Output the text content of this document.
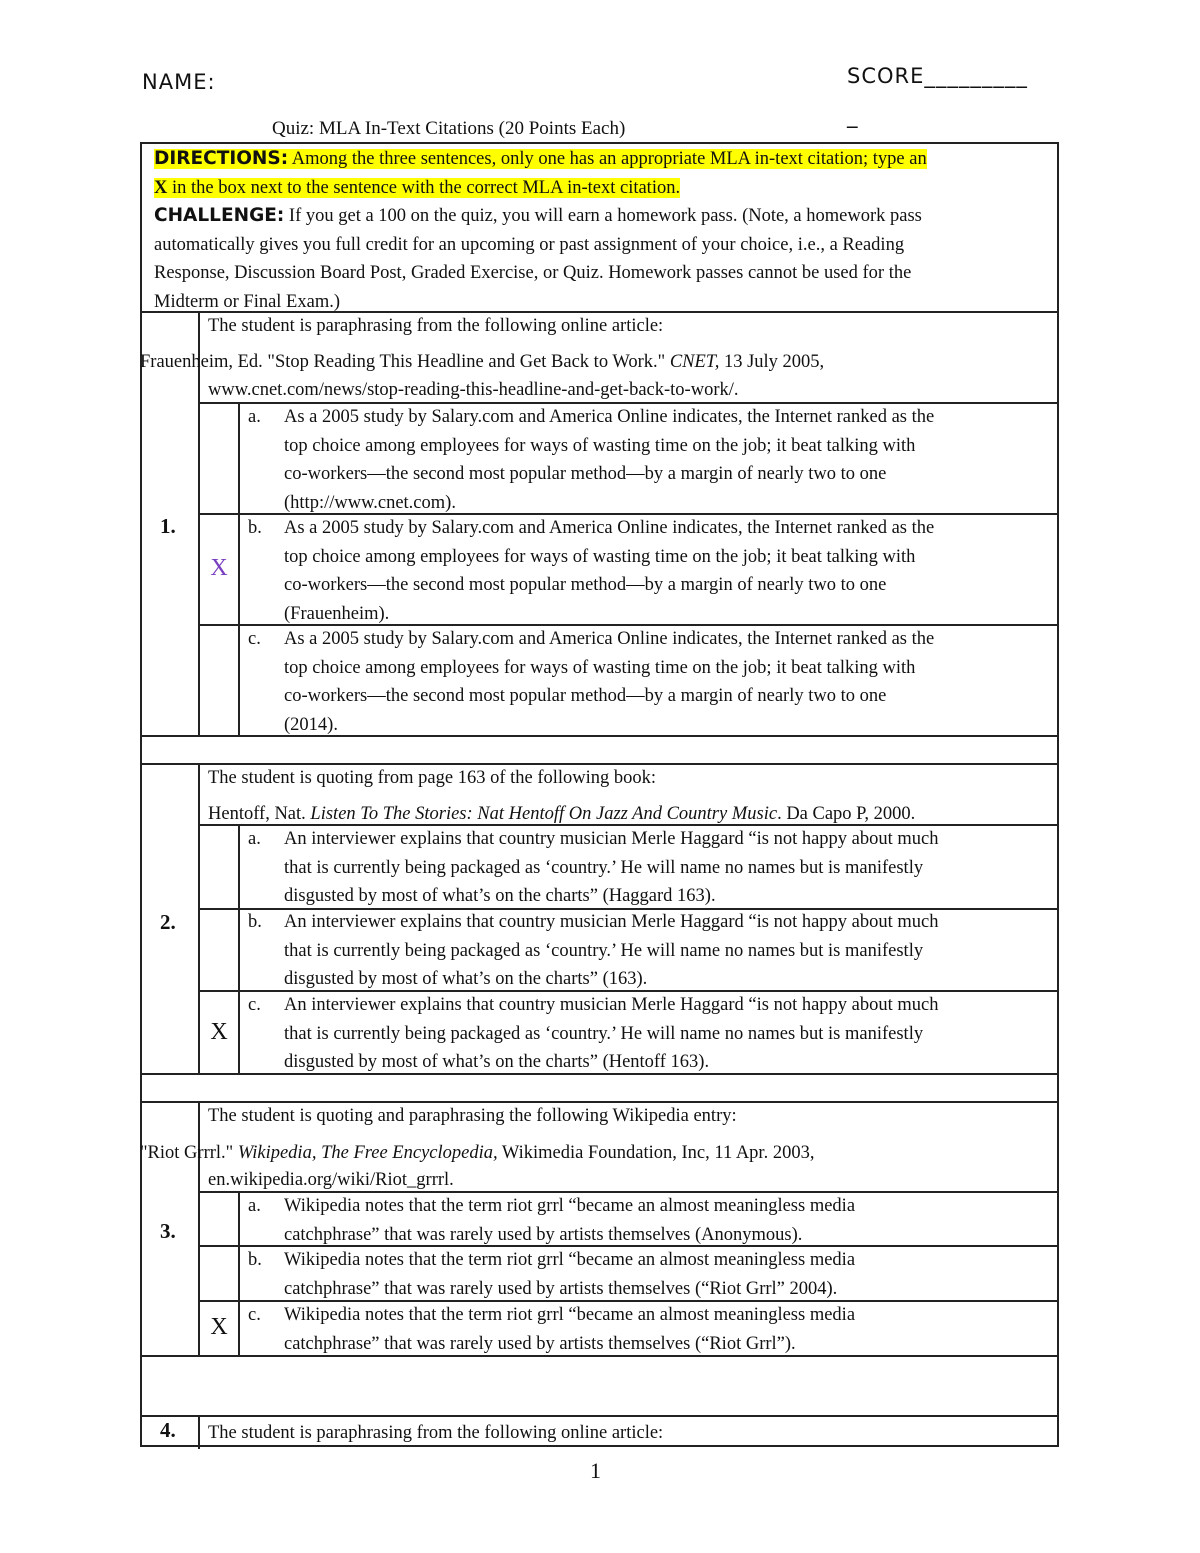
NAME:	SCORE_________
_
Quiz: MLA In-Text Citations (20 Points Each)
DIRECTIONS: Among the three sentences, only one has an appropriate MLA in-text citation; type an
X in the box next to the sentence with the correct MLA in-text citation.
CHALLENGE: If you get a 100 on the quiz, you will earn a homework pass. (Note, a homework pass
automatically gives you full credit for an upcoming or past assignment of your choice, i.e., a Reading
Response, Discussion Board Post, Graded Exercise, or Quiz. Homework passes cannot be used for the
Midterm or Final Exam.)
1.
The student is paraphrasing from the following online article:
Frauenheim, Ed. "Stop Reading This Headline and Get Back to Work." CNET, 13 July 2005,
www.cnet.com/news/stop-reading-this-headline-and-get-back-to-work/.
a. As a 2005 study by Salary.com and America Online indicates, the Internet ranked as the
top choice among employees for ways of wasting time on the job; it beat talking with
co-workers—the second most popular method—by a margin of nearly two to one
(http://www.cnet.com).
b. As a 2005 study by Salary.com and America Online indicates, the Internet ranked as the
top choice among employees for ways of wasting time on the job; it beat talking with
co-workers—the second most popular method—by a margin of nearly two to one
(Frauenheim).
X
c. As a 2005 study by Salary.com and America Online indicates, the Internet ranked as the
top choice among employees for ways of wasting time on the job; it beat talking with
co-workers—the second most popular method—by a margin of nearly two to one
(2014).
2.
The student is quoting from page 163 of the following book:
Hentoff, Nat. Listen To The Stories: Nat Hentoff On Jazz And Country Music. Da Capo P, 2000.
a. An interviewer explains that country musician Merle Haggard “is not happy about much
that is currently being packaged as ‘country.’ He will name no names but is manifestly
disgusted by most of what’s on the charts” (Haggard 163).
b. An interviewer explains that country musician Merle Haggard “is not happy about much
that is currently being packaged as ‘country.’ He will name no names but is manifestly
disgusted by most of what’s on the charts” (163).
c. An interviewer explains that country musician Merle Haggard “is not happy about much
that is currently being packaged as ‘country.’ He will name no names but is manifestly
disgusted by most of what’s on the charts” (Hentoff 163).
X
3.
The student is quoting and paraphrasing the following Wikipedia entry:
"Riot Grrrl." Wikipedia, The Free Encyclopedia, Wikimedia Foundation, Inc, 11 Apr. 2003,
en.wikipedia.org/wiki/Riot_grrrl.
a. Wikipedia notes that the term riot grrl “became an almost meaningless media
catchphrase” that was rarely used by artists themselves (Anonymous).
b. Wikipedia notes that the term riot grrl “became an almost meaningless media
catchphrase” that was rarely used by artists themselves (“Riot Grrl” 2004).
c. Wikipedia notes that the term riot grrl “became an almost meaningless media
catchphrase” that was rarely used by artists themselves (“Riot Grrl”).
X
4. The student is paraphrasing from the following online article:
1
